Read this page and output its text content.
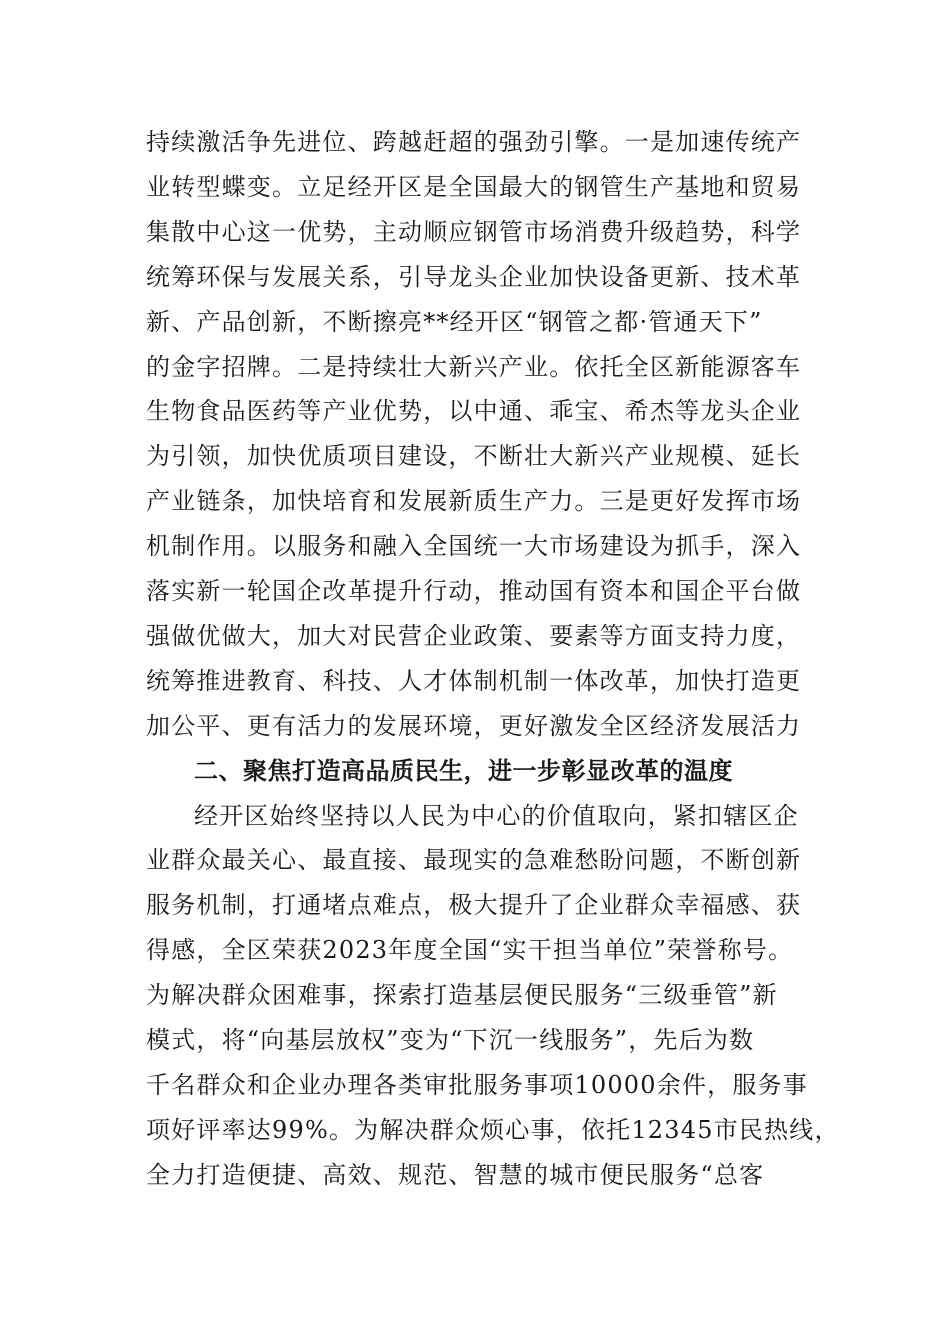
持续激活争先进位、跨越赶超的强劲引擎。一是加速传统产
业转型蝶变。立足经开区是全国最大的钢管生产基地和贸易
集散中心这一优势，主动顺应钢管市场消费升级趋势，科学
统筹环保与发展关系，引导龙头企业加快设备更新、技术革
新、产品创新，不断擦亮**经开区“钢管之都·管通天下”
的金字招牌。二是持续壮大新兴产业。依托全区新能源客车
生物食品医药等产业优势，以中通、乖宝、希杰等龙头企业
为引领，加快优质项目建设，不断壮大新兴产业规模、延长
产业链条，加快培育和发展新质生产力。三是更好发挥市场
机制作用。以服务和融入全国统一大市场建设为抓手，深入
落实新一轮国企改革提升行动，推动国有资本和国企平台做
强做优做大，加大对民营企业政策、要素等方面支持力度，
统筹推进教育、科技、人才体制机制一体改革，加快打造更
加公平、更有活力的发展环境，更好激发全区经济发展活力
二、聚焦打造高品质民生，进一步彰显改革的温度
经开区始终坚持以人民为中心的价值取向，紧扣辖区企
业群众最关心、最直接、最现实的急难愁盼问题，不断创新
服务机制，打通堵点难点，极大提升了企业群众幸福感、获
得感，全区荣获2023年度全国“实干担当单位”荣誉称号。
为解决群众困难事，探索打造基层便民服务“三级垂管”新
模式，将“向基层放权”变为“下沉一线服务”，先后为数
千名群众和企业办理各类审批服务事项10000余件，服务事
项好评率达99%。为解决群众烦心事，依托12345市民热线，
全力打造便捷、高效、规范、智慧的城市便民服务“总客
